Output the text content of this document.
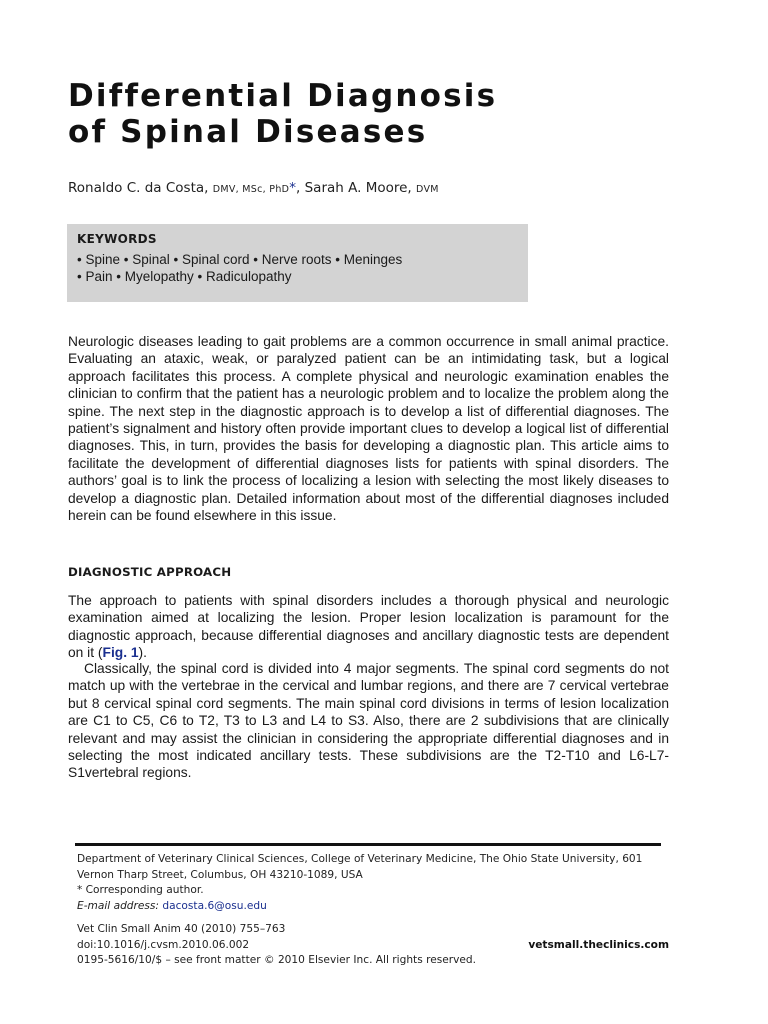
Differential Diagnosis
of Spinal Diseases
Ronaldo C. da Costa, DMV, MSc, PhD*, Sarah A. Moore, DVM
KEYWORDS
• Spine • Spinal • Spinal cord • Nerve roots • Meninges
• Pain • Myelopathy • Radiculopathy

Neurologic diseases leading to gait problems are a common occurrence in small animal practice. Evaluating an ataxic, weak, or paralyzed patient can be an intimidating task, but a logical approach facilitates this process. A complete physical and neurologic examination enables the clinician to confirm that the patient has a neurologic problem and to localize the problem along the spine. The next step in the diagnostic approach is to develop a list of differential diagnoses. The patient’s signalment and history often provide important clues to develop a logical list of differential diagnoses. This, in turn, provides the basis for developing a diagnostic plan. This article aims to facilitate the development of differential diagnoses lists for patients with spinal disorders. The authors’ goal is to link the process of localizing a lesion with selecting the most likely diseases to develop a diagnostic plan. Detailed information about most of the differential diagnoses included herein can be found elsewhere in this issue.

DIAGNOSTIC APPROACH

The approach to patients with spinal disorders includes a thorough physical and neurologic examination aimed at localizing the lesion. Proper lesion localization is paramount for the diagnostic approach, because differential diagnoses and ancillary diagnostic tests are dependent on it (Fig. 1).

Classically, the spinal cord is divided into 4 major segments. The spinal cord segments do not match up with the vertebrae in the cervical and lumbar regions, and there are 7 cervical vertebrae but 8 cervical spinal cord segments. The main spinal cord divisions in terms of lesion localization are C1 to C5, C6 to T2, T3 to L3 and L4 to S3. Also, there are 2 subdivisions that are clinically relevant and may assist the clinician in considering the appropriate differential diagnoses and in selecting the most indicated ancillary tests. These subdivisions are the T2-T10 and L6-L7-S1vertebral regions.

Department of Veterinary Clinical Sciences, College of Veterinary Medicine, The Ohio State University, 601 Vernon Tharp Street, Columbus, OH 43210-1089, USA
* Corresponding author.
E-mail address: dacosta.6@osu.edu
Vet Clin Small Anim 40 (2010) 755–763
doi:10.1016/j.cvsm.2010.06.002	vetsmall.theclinics.com
0195-5616/10/$ – see front matter © 2010 Elsevier Inc. All rights reserved.
